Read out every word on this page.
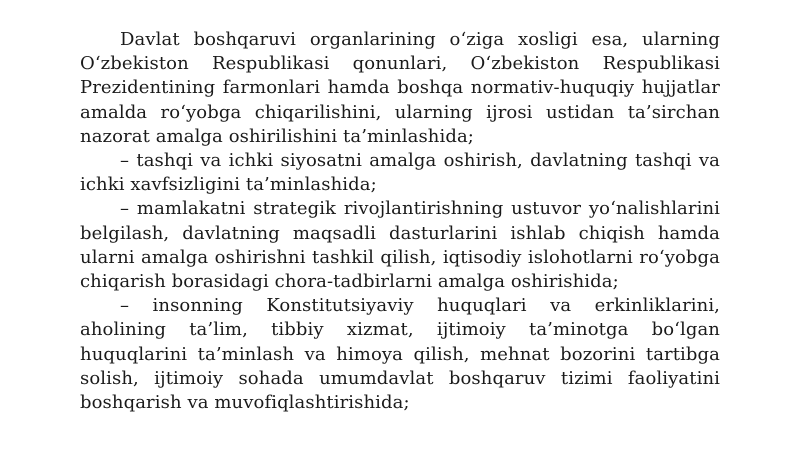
Davlat boshqaruvi organlarining o‘ziga xosligi esa, ularning O‘zbekiston Respublikasi qonunlari, O‘zbekiston Respublikasi Prezidentining farmonlari hamda boshqa normativ-huquqiy hujjatlar amalda ro‘yobga chiqarilishini, ularning ijrosi ustidan ta’sirchan nazorat amalga oshirilishini ta’minlashida;

– tashqi va ichki siyosatni amalga oshirish, davlatning tashqi va ichki xavfsizligini ta’minlashida;

– mamlakatni strategik rivojlantirishning ustuvor yo‘nalishlarini belgilash, davlatning maqsadli dasturlarini ishlab chiqish hamda ularni amalga oshirishni tashkil qilish, iqtisodiy islohotlarni ro‘yobga chiqarish borasidagi chora-tadbirlarni amalga oshirishida;

– insonning Konstitutsiyaviy huquqlari va erkinliklarini, aholining ta’lim, tibbiy xizmat, ijtimoiy ta’minotga bo‘lgan huquqlarini ta’minlash va himoya qilish, mehnat bozorini tartibga solish, ijtimoiy sohada umumdavlat boshqaruv tizimi faoliyatini boshqarish va muvofiqlashtirishida;
